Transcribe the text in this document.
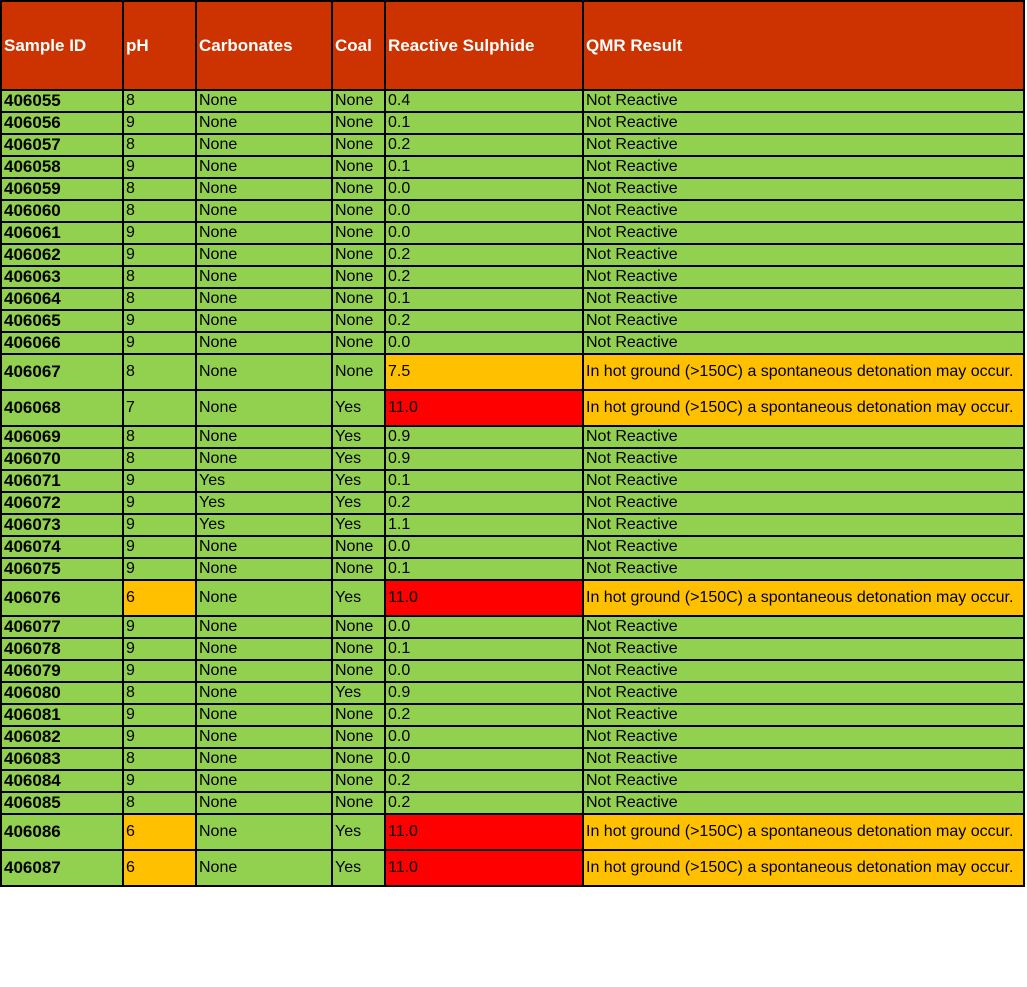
Sample ID	pH	Carbonates	Coal	Reactive Sulphide	QMR Result
406055	8	None	None	0.4	Not Reactive

406056	9	None	None	0.1	Not Reactive

406057	8	None	None	0.2	Not Reactive

406058	9	None	None	0.1	Not Reactive

406059	8	None	None	0.0	Not Reactive

406060	8	None	None	0.0	Not Reactive

406061	9	None	None	0.0	Not Reactive

406062	9	None	None	0.2	Not Reactive

406063	8	None	None	0.2	Not Reactive

406064	8	None	None	0.1	Not Reactive

406065	9	None	None	0.2	Not Reactive

406066	9	None	None	0.0	Not Reactive

406067	8	None	None	7.5	In hot ground (>150C) a spontaneous detonation may occur.

406068	7	None	Yes	11.0	In hot ground (>150C) a spontaneous detonation may occur.

406069	8	None	Yes	0.9	Not Reactive

406070	8	None	Yes	0.9	Not Reactive

406071	9	Yes	Yes	0.1	Not Reactive

406072	9	Yes	Yes	0.2	Not Reactive

406073	9	Yes	Yes	1.1	Not Reactive

406074	9	None	None	0.0	Not Reactive

406075	9	None	None	0.1	Not Reactive

406076	6	None	Yes	11.0	In hot ground (>150C) a spontaneous detonation may occur.

406077	9	None	None	0.0	Not Reactive

406078	9	None	None	0.1	Not Reactive

406079	9	None	None	0.0	Not Reactive

406080	8	None	Yes	0.9	Not Reactive

406081	9	None	None	0.2	Not Reactive

406082	9	None	None	0.0	Not Reactive

406083	8	None	None	0.0	Not Reactive

406084	9	None	None	0.2	Not Reactive

406085	8	None	None	0.2	Not Reactive

406086	6	None	Yes	11.0	In hot ground (>150C) a spontaneous detonation may occur.

406087	6	None	Yes	11.0	In hot ground (>150C) a spontaneous detonation may occur.
